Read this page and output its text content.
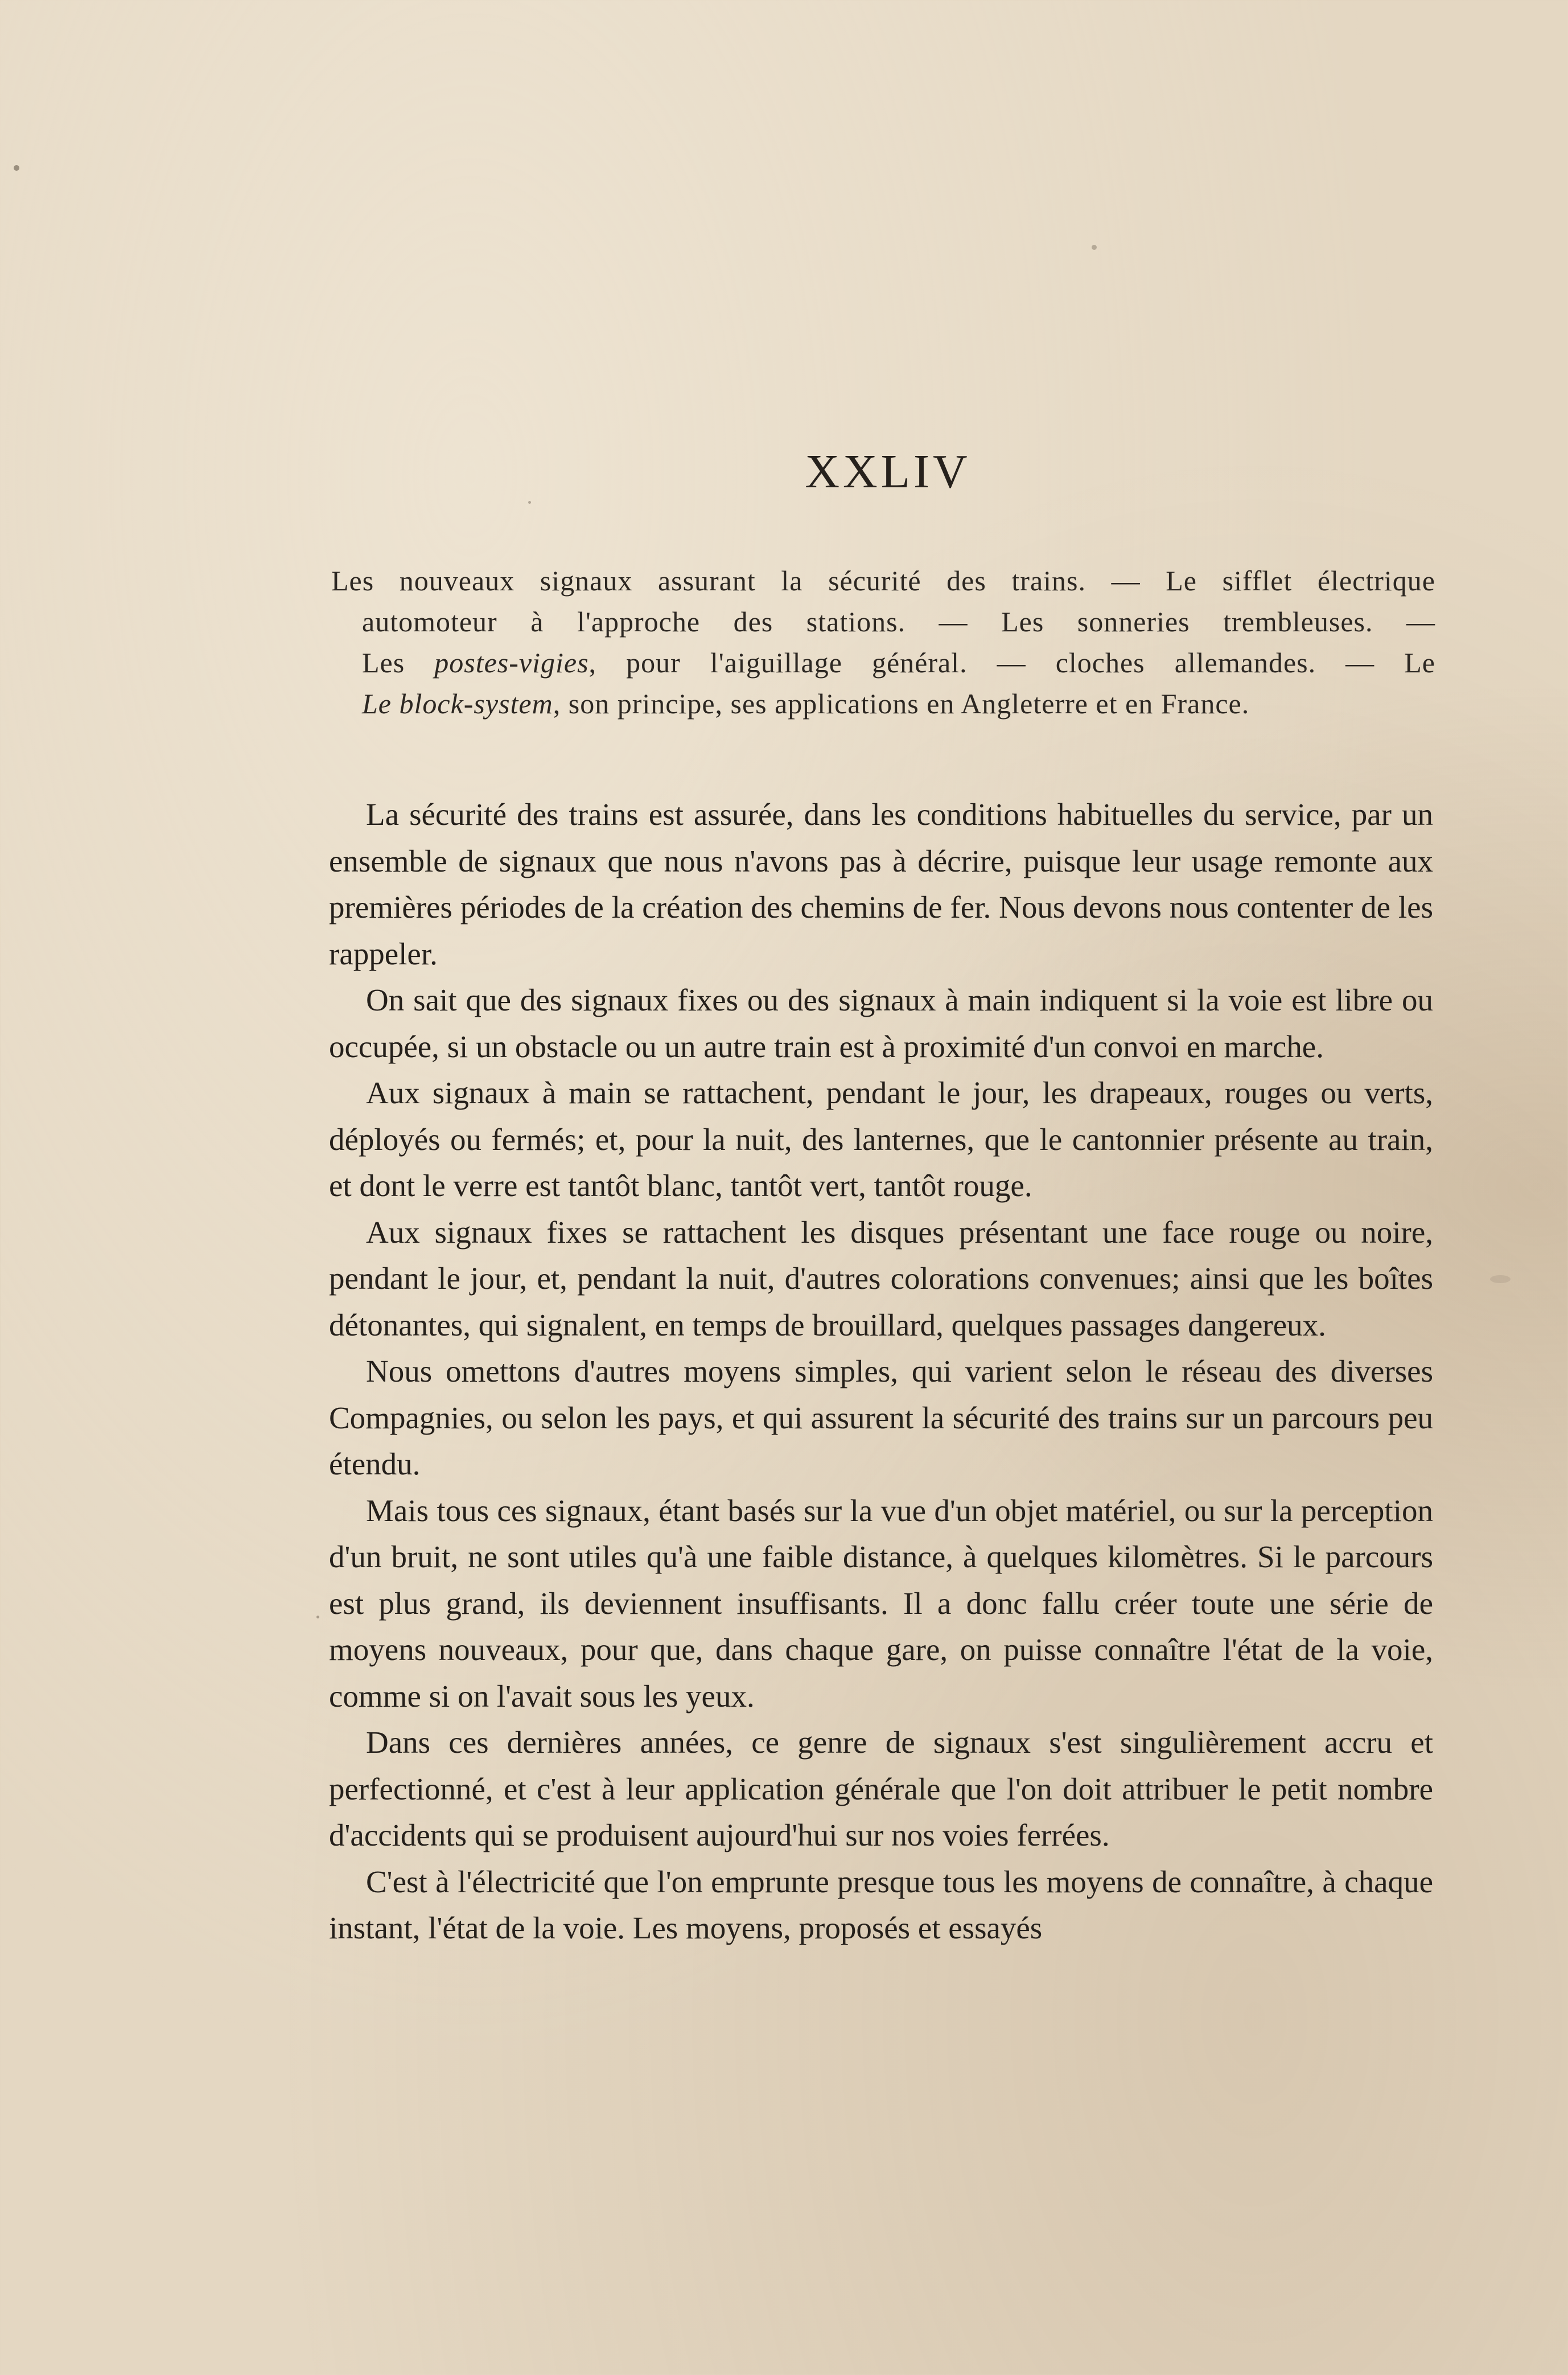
XXLIV
Les nouveaux signaux assurant la sécurité des trains. — Le sifflet électrique
automoteur à l'approche des stations. — Les sonneries trembleuses. —
Les postes-vigies, pour l'aiguillage général. — cloches allemandes. — Le
Le block-system, son principe, ses applications en Angleterre et en France.

La sécurité des trains est assurée, dans les conditions habituelles du service, par un ensemble de signaux que nous n'avons pas à décrire, puisque leur usage remonte aux premières périodes de la création des chemins de fer. Nous devons nous contenter de les rappeler.

On sait que des signaux fixes ou des signaux à main indiquent si la voie est libre ou occupée, si un obstacle ou un autre train est à proximité d'un convoi en marche.

Aux signaux à main se rattachent, pendant le jour, les drapeaux, rouges ou verts, déployés ou fermés; et, pour la nuit, des lanternes, que le cantonnier présente au train, et dont le verre est tantôt blanc, tantôt vert, tantôt rouge.

Aux signaux fixes se rattachent les disques présentant une face rouge ou noire, pendant le jour, et, pendant la nuit, d'autres colorations convenues; ainsi que les boîtes détonantes, qui signalent, en temps de brouillard, quelques passages dangereux.

Nous omettons d'autres moyens simples, qui varient selon le réseau des diverses Compagnies, ou selon les pays, et qui assurent la sécurité des trains sur un parcours peu étendu.

Mais tous ces signaux, étant basés sur la vue d'un objet matériel, ou sur la perception d'un bruit, ne sont utiles qu'à une faible distance, à quelques kilomètres. Si le parcours est plus grand, ils deviennent insuffisants. Il a donc fallu créer toute une série de moyens nouveaux, pour que, dans chaque gare, on puisse connaître l'état de la voie, comme si on l'avait sous les yeux.

Dans ces dernières années, ce genre de signaux s'est singulièrement accru et perfectionné, et c'est à leur application générale que l'on doit attribuer le petit nombre d'accidents qui se produisent aujourd'hui sur nos voies ferrées.

C'est à l'électricité que l'on emprunte presque tous les moyens de connaître, à chaque instant, l'état de la voie. Les moyens, proposés et essayés
